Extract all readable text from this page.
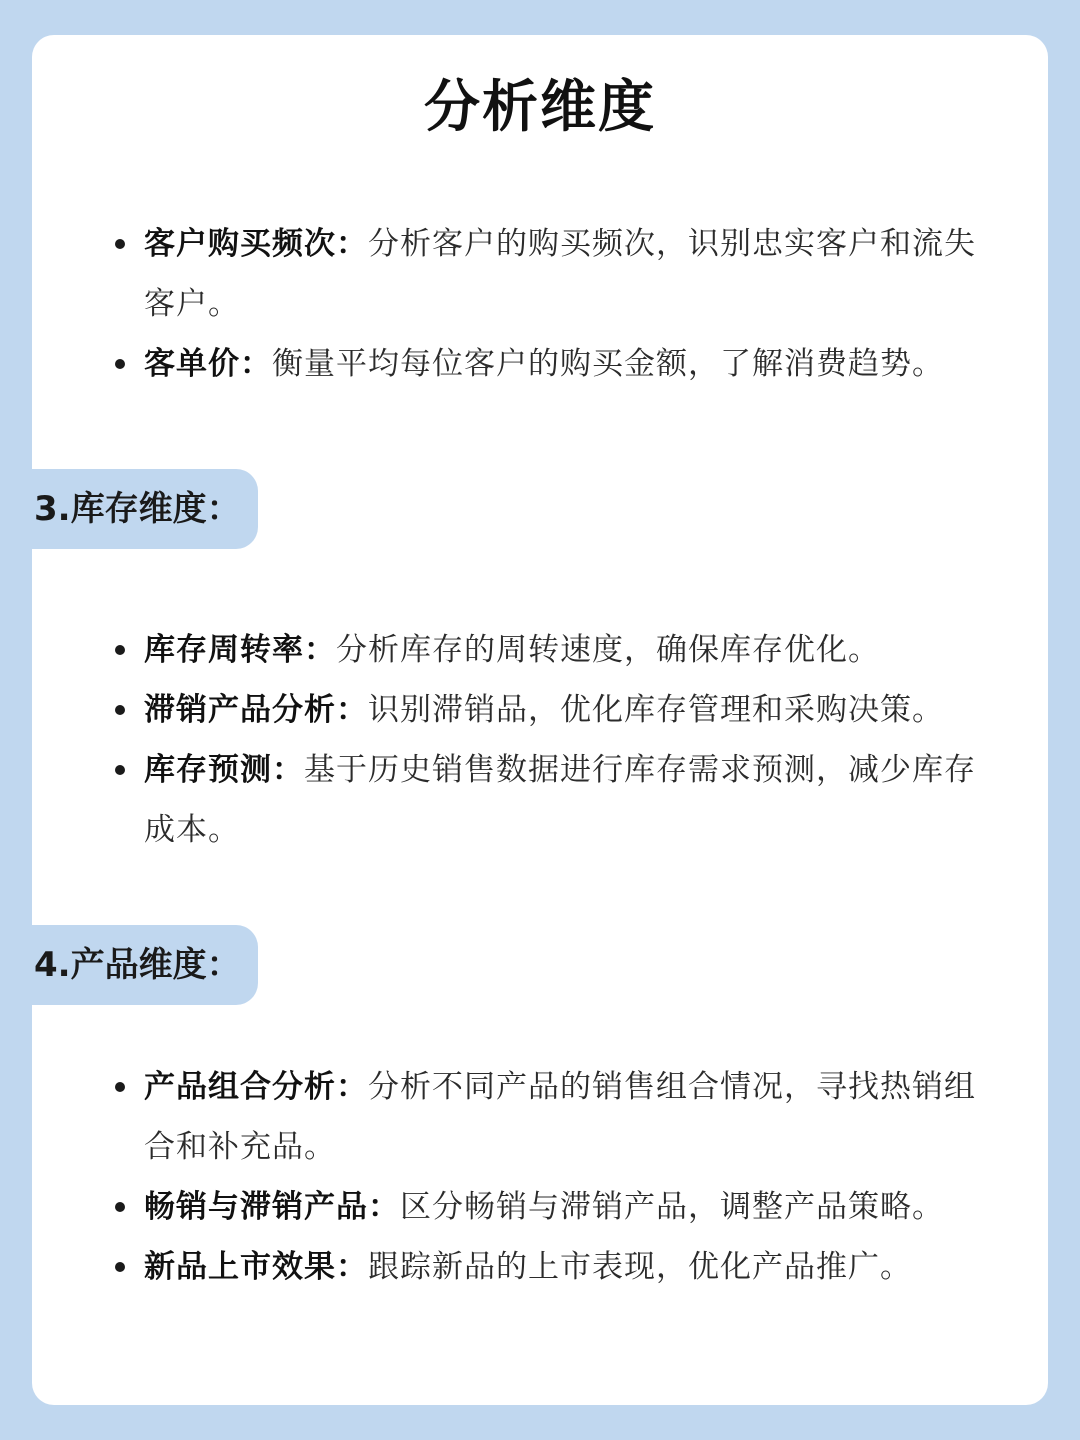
分析维度
客户购买频次：分析客户的购买频次，识别忠实客户和流失客户。
客单价：衡量平均每位客户的购买金额，了解消费趋势。
3.库存维度：
库存周转率：分析库存的周转速度，确保库存优化。
滞销产品分析：识别滞销品，优化库存管理和采购决策。
库存预测：基于历史销售数据进行库存需求预测，减少库存成本。
4.产品维度：
产品组合分析：分析不同产品的销售组合情况，寻找热销组合和补充品。
畅销与滞销产品：区分畅销与滞销产品，调整产品策略。
新品上市效果：跟踪新品的上市表现，优化产品推广。
